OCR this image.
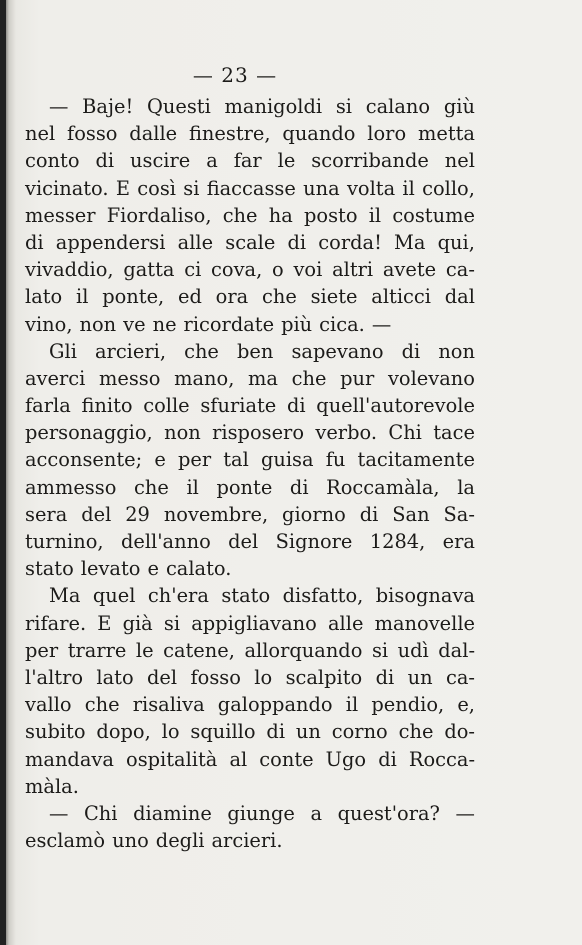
— 23 —
— Baje! Questi manigoldi si calano giù
nel fosso dalle finestre, quando loro metta
conto di uscire a far le scorribande nel
vicinato. E così si fiaccasse una volta il collo,
messer Fiordaliso, che ha posto il costume
di appendersi alle scale di corda! Ma qui,
vivaddio, gatta ci cova, o voi altri avete ca-
lato il ponte, ed ora che siete alticci dal
vino, non ve ne ricordate più cica. —
Gli arcieri, che ben sapevano di non
averci messo mano, ma che pur volevano
farla finito colle sfuriate di quell'autorevole
personaggio, non risposero verbo. Chi tace
acconsente; e per tal guisa fu tacitamente
ammesso che il ponte di Roccamàla, la
sera del 29 novembre, giorno di San Sa-
turnino, dell'anno del Signore 1284, era
stato levato e calato.
Ma quel ch'era stato disfatto, bisognava
rifare. E già si appigliavano alle manovelle
per trarre le catene, allorquando si udì dal-
l'altro lato del fosso lo scalpito di un ca-
vallo che risaliva galoppando il pendio, e,
subito dopo, lo squillo di un corno che do-
mandava ospitalità al conte Ugo di Rocca-
màla.
— Chi diamine giunge a quest'ora? —
esclamò uno degli arcieri.
